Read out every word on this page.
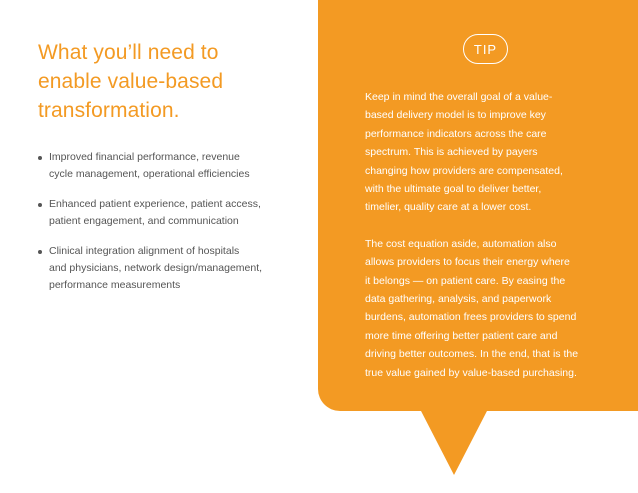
What you’ll need to
enable value-based
transformation.
Improved financial performance, revenue
cycle management, operational efficiencies
Enhanced patient experience, patient access,
patient engagement, and communication
Clinical integration alignment of hospitals
and physicians, network design/management,
performance measurements
TIP

Keep in mind the overall goal of a value-
based delivery model is to improve key
performance indicators across the care
spectrum. This is achieved by payers
changing how providers are compensated,
with the ultimate goal to deliver better,
timelier, quality care at a lower cost.

The cost equation aside, automation also
allows providers to focus their energy where
it belongs — on patient care. By easing the
data gathering, analysis, and paperwork
burdens, automation frees providers to spend
more time offering better patient care and
driving better outcomes. In the end, that is the
true value gained by value-based purchasing.
